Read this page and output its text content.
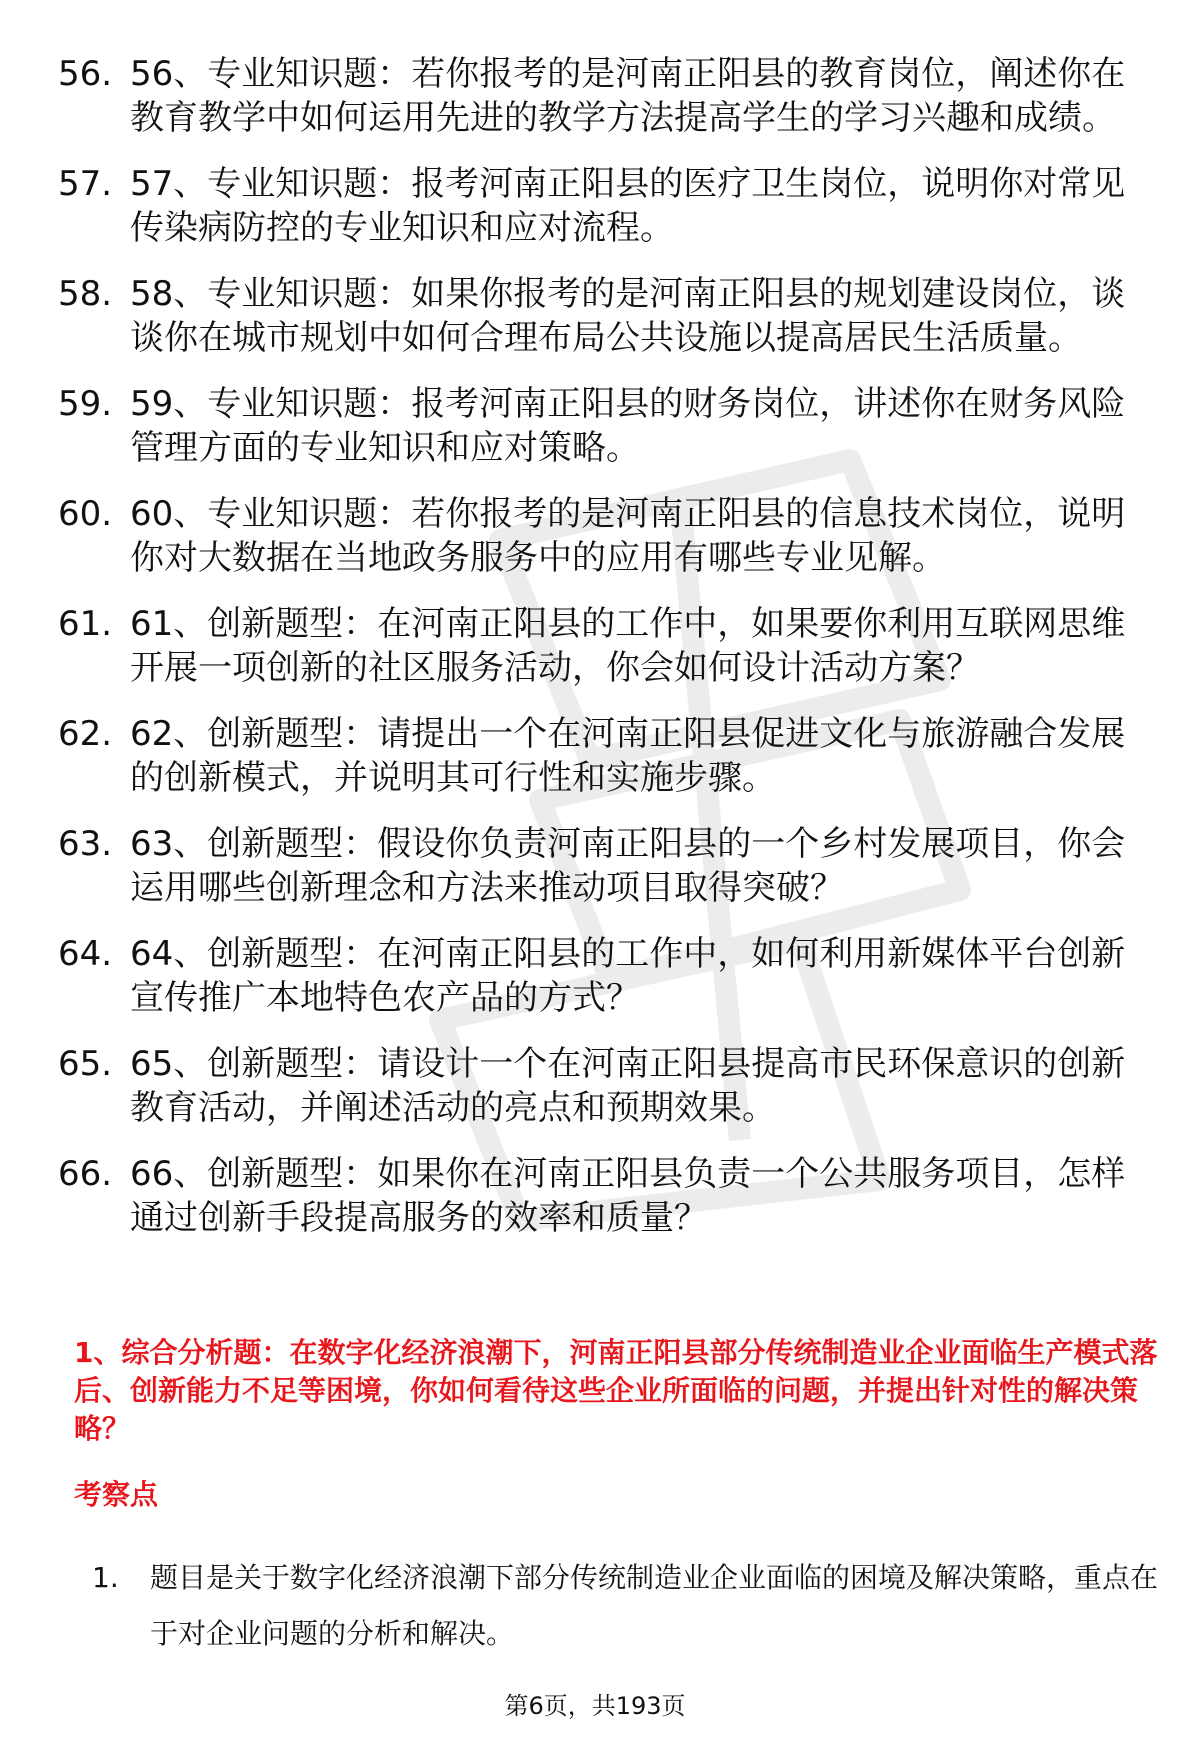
56. 56、专业知识题：若你报考的是河南正阳县的教育岗位，阐述你在教育教学中如何运用先进的教学方法提高学生的学习兴趣和成绩。
57. 57、专业知识题：报考河南正阳县的医疗卫生岗位，说明你对常见传染病防控的专业知识和应对流程。
58. 58、专业知识题：如果你报考的是河南正阳县的规划建设岗位，谈谈你在城市规划中如何合理布局公共设施以提高居民生活质量。
59. 59、专业知识题：报考河南正阳县的财务岗位，讲述你在财务风险管理方面的专业知识和应对策略。
60. 60、专业知识题：若你报考的是河南正阳县的信息技术岗位，说明你对大数据在当地政务服务中的应用有哪些专业见解。
61. 61、创新题型：在河南正阳县的工作中，如果要你利用互联网思维开展一项创新的社区服务活动，你会如何设计活动方案？
62. 62、创新题型：请提出一个在河南正阳县促进文化与旅游融合发展的创新模式，并说明其可行性和实施步骤。
63. 63、创新题型：假设你负责河南正阳县的一个乡村发展项目，你会运用哪些创新理念和方法来推动项目取得突破？
64. 64、创新题型：在河南正阳县的工作中，如何利用新媒体平台创新宣传推广本地特色农产品的方式？
65. 65、创新题型：请设计一个在河南正阳县提高市民环保意识的创新教育活动，并阐述活动的亮点和预期效果。
66. 66、创新题型：如果你在河南正阳县负责一个公共服务项目，怎样通过创新手段提高服务的效率和质量？

1、综合分析题：在数字化经济浪潮下，河南正阳县部分传统制造业企业面临生产模式落后、创新能力不足等困境，你如何看待这些企业所面临的问题，并提出针对性的解决策略？

考察点

1.	题目是关于数字化经济浪潮下部分传统制造业企业面临的困境及解决策略，重点在于对企业问题的分析和解决。
第6页，共193页
